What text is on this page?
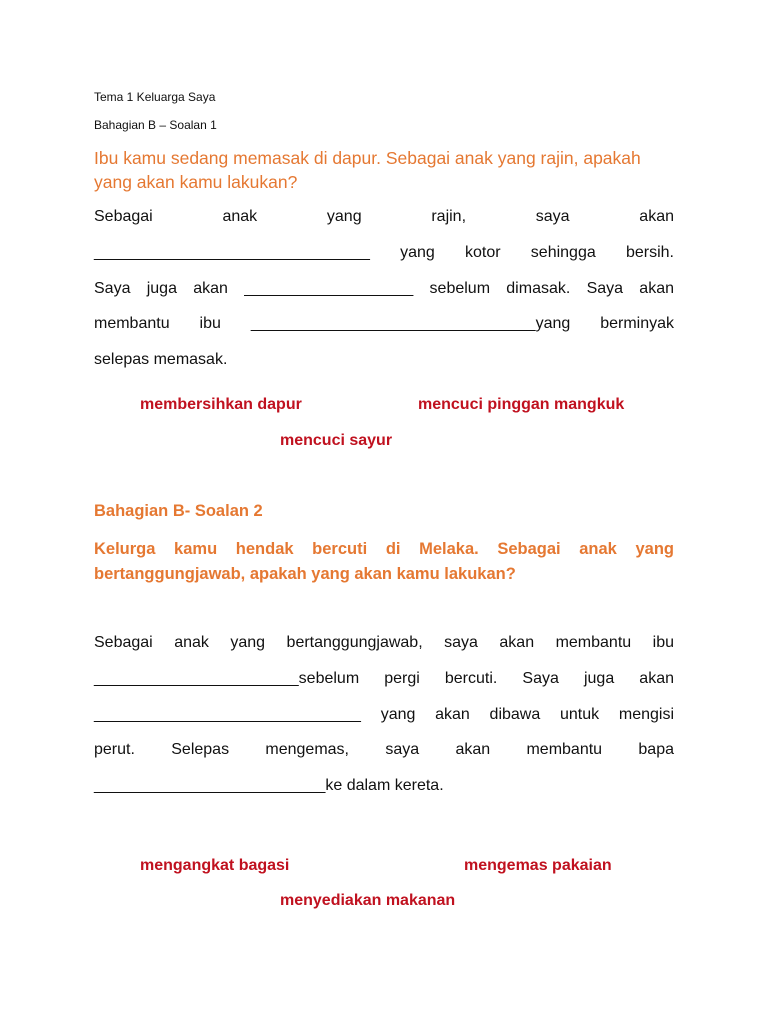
Tema 1 Keluarga Saya
Bahagian B – Soalan 1
Ibu kamu sedang memasak di dapur. Sebagai anak yang rajin, apakah
yang akan kamu lakukan?
Sebagai anak yang rajin, saya akan
_______________________________ yang kotor sehingga bersih.
Saya juga akan ___________________ sebelum dimasak. Saya akan
membantu ibu ________________________________yang berminyak
selepas memasak.
membersihkan dapur	mencuci pinggan mangkuk
mencuci sayur
Bahagian B- Soalan 2
Kelurga kamu hendak bercuti di Melaka. Sebagai anak yang
bertanggungjawab, apakah yang akan kamu lakukan?
Sebagai anak yang bertanggungjawab, saya akan membantu ibu
_______________________sebelum pergi bercuti. Saya juga akan
______________________________ yang akan dibawa untuk mengisi
perut. Selepas mengemas, saya akan membantu bapa
__________________________ke dalam kereta.
mengangkat bagasi	mengemas pakaian
menyediakan makanan
